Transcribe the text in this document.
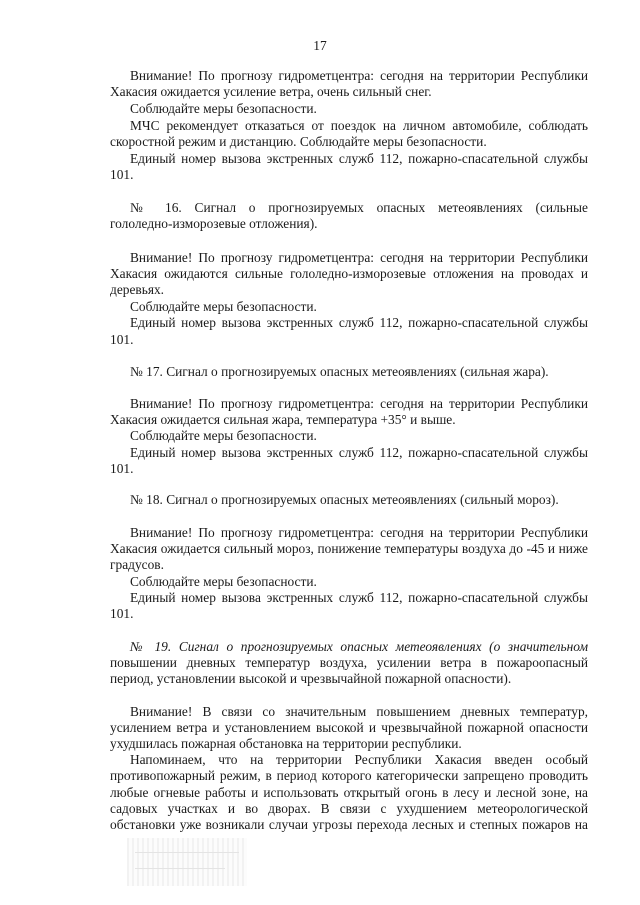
17
Внимание! По прогнозу гидрометцентра: сегодня на территории Республики
Хакасия ожидается усиление ветра, очень сильный снег.
Соблюдайте меры безопасности.
МЧС рекомендует отказаться от поездок на личном автомобиле, соблюдать
скоростной режим и дистанцию. Соблюдайте меры безопасности.
Единый номер вызова экстренных служб 112, пожарно-спасательной службы
101.
№ 16. Сигнал о прогнозируемых опасных метеоявлениях (сильные
гололедно-изморозевые отложения).
Внимание! По прогнозу гидрометцентра: сегодня на территории Республики
Хакасия ожидаются сильные гололедно-изморозевые отложения на проводах и
деревьях.
Соблюдайте меры безопасности.
Единый номер вызова экстренных служб 112, пожарно-спасательной службы
101.
№ 17. Сигнал о прогнозируемых опасных метеоявлениях (сильная жара).
Внимание! По прогнозу гидрометцентра: сегодня на территории Республики
Хакасия ожидается сильная жара, температура +35° и выше.
Соблюдайте меры безопасности.
Единый номер вызова экстренных служб 112, пожарно-спасательной службы
101.
№ 18. Сигнал о прогнозируемых опасных метеоявлениях (сильный мороз).
Внимание! По прогнозу гидрометцентра: сегодня на территории Республики
Хакасия ожидается сильный мороз, понижение температуры воздуха до -45 и ниже
градусов.
Соблюдайте меры безопасности.
Единый номер вызова экстренных служб 112, пожарно-спасательной службы
101.
№ 19. Сигнал о прогнозируемых опасных метеоявлениях (о значительном
повышении дневных температур воздуха, усилении ветра в пожароопасный
период, установлении высокой и чрезвычайной пожарной опасности).
Внимание! В связи со значительным повышением дневных температур,
усилением ветра и установлением высокой и чрезвычайной пожарной опасности
ухудшилась пожарная обстановка на территории республики.
Напоминаем, что на территории Республики Хакасия введен особый
противопожарный режим, в период которого категорически запрещено проводить
любые огневые работы и использовать открытый огонь в лесу и лесной зоне, на
садовых участках и во дворах. В связи с ухудшением метеорологической
обстановки уже возникали случаи угрозы перехода лесных и степных пожаров на
